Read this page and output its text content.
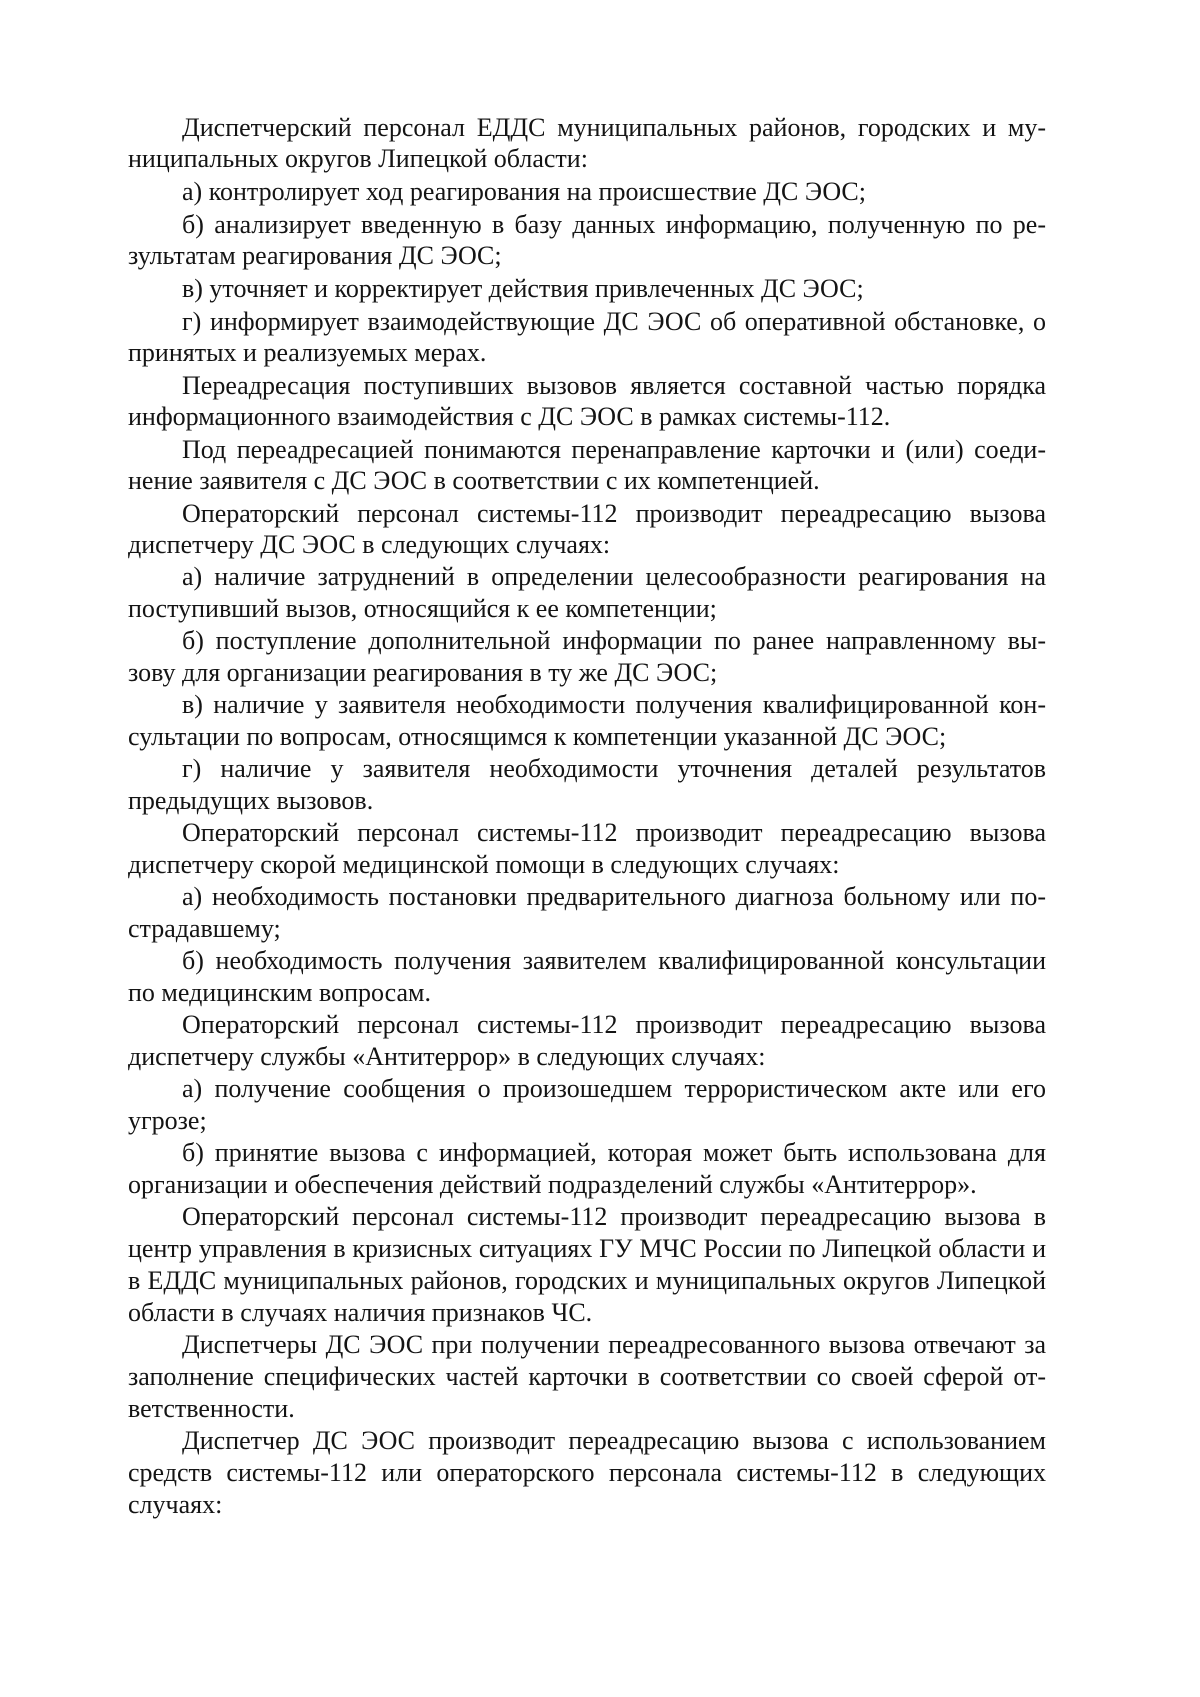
Диспетчерский персонал ЕДДС муниципальных районов, городских и му-
ниципальных округов Липецкой области:
а) контролирует ход реагирования на происшествие ДС ЭОС;
б) анализирует введенную в базу данных информацию, полученную по ре-
зультатам реагирования ДС ЭОС;
в) уточняет и корректирует действия привлеченных ДС ЭОС;
г) информирует взаимодействующие ДС ЭОС об оперативной обстановке, о
принятых и реализуемых мерах.
Переадресация поступивших вызовов является составной частью порядка
информационного взаимодействия с ДС ЭОС в рамках системы-112.
Под переадресацией понимаются перенаправление карточки и (или) соеди-
нение заявителя с ДС ЭОС в соответствии с их компетенцией.
Операторский персонал системы-112 производит переадресацию вызова
диспетчеру ДС ЭОС в следующих случаях:
а) наличие затруднений в определении целесообразности реагирования на
поступивший вызов, относящийся к ее компетенции;
б) поступление дополнительной информации по ранее направленному вы-
зову для организации реагирования в ту же ДС ЭОС;
в) наличие у заявителя необходимости получения квалифицированной кон-
сультации по вопросам, относящимся к компетенции указанной ДС ЭОС;
г) наличие у заявителя необходимости уточнения деталей результатов
предыдущих вызовов.
Операторский персонал системы-112 производит переадресацию вызова
диспетчеру скорой медицинской помощи в следующих случаях:
а) необходимость постановки предварительного диагноза больному или по-
страдавшему;
б) необходимость получения заявителем квалифицированной консультации
по медицинским вопросам.
Операторский персонал системы-112 производит переадресацию вызова
диспетчеру службы «Антитеррор» в следующих случаях:
а) получение сообщения о произошедшем террористическом акте или его
угрозе;
б) принятие вызова с информацией, которая может быть использована для
организации и обеспечения действий подразделений службы «Антитеррор».
Операторский персонал системы-112 производит переадресацию вызова в
центр управления в кризисных ситуациях ГУ МЧС России по Липецкой области и
в ЕДДС муниципальных районов, городских и муниципальных округов Липецкой
области в случаях наличия признаков ЧС.
Диспетчеры ДС ЭОС при получении переадресованного вызова отвечают за
заполнение специфических частей карточки в соответствии со своей сферой от-
ветственности.
Диспетчер ДС ЭОС производит переадресацию вызова с использованием
средств системы-112 или операторского персонала системы-112 в следующих
случаях:
